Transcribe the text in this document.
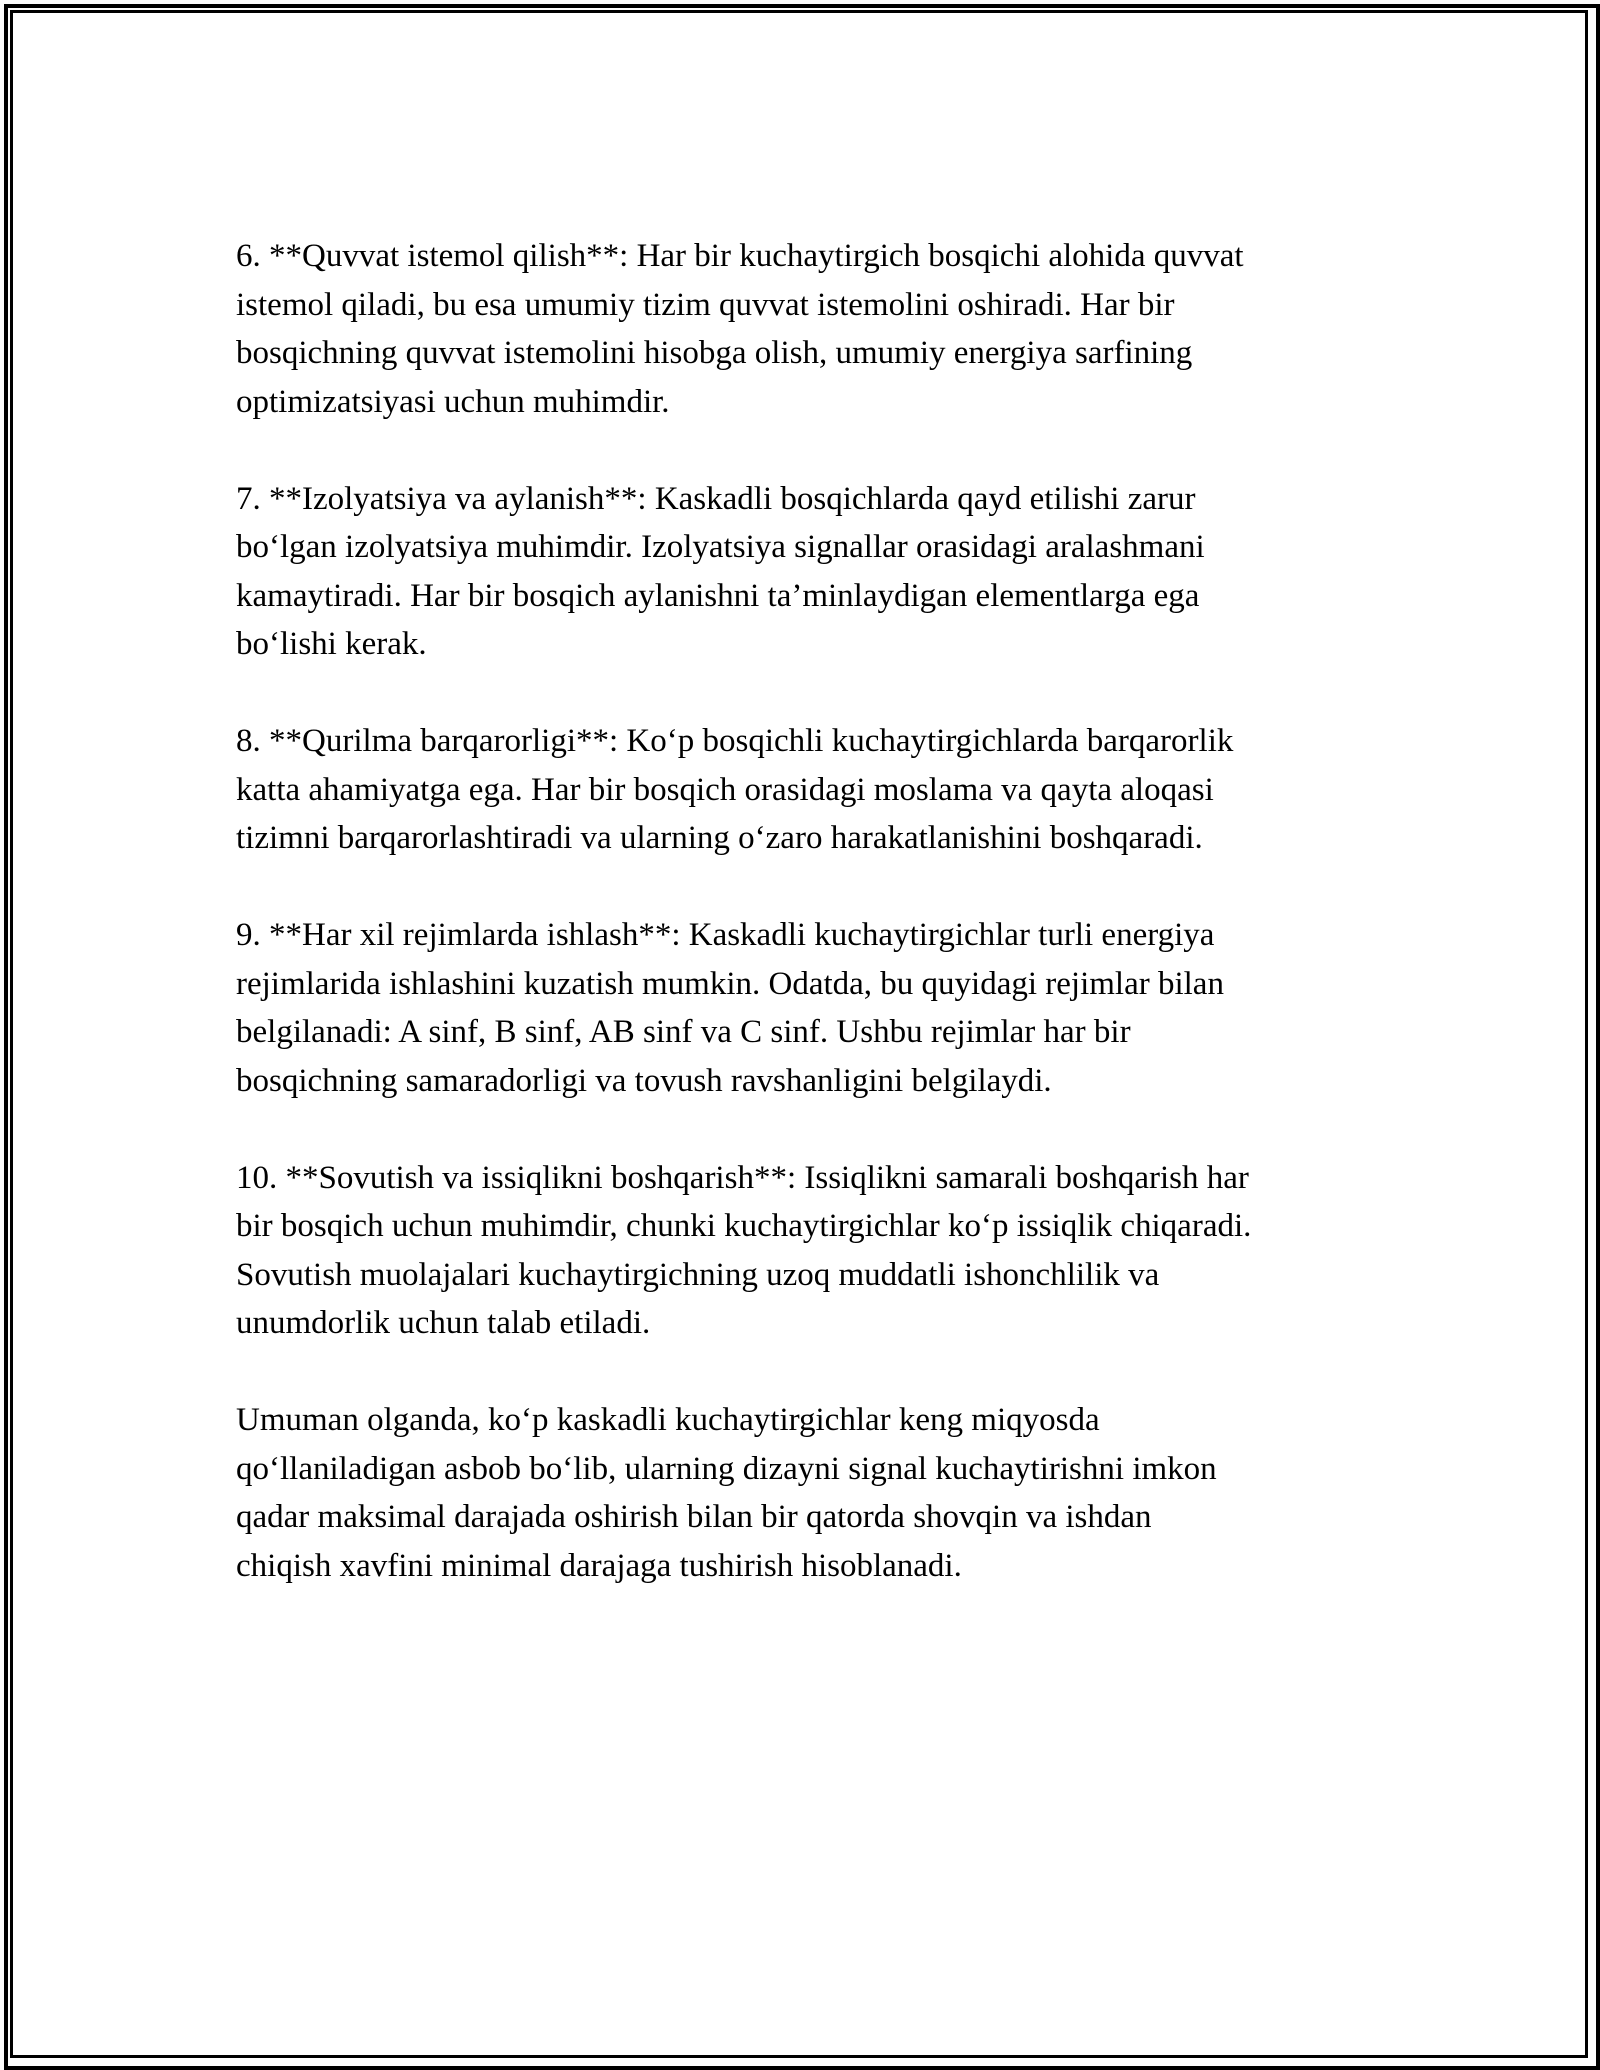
6. **Quvvat istemol qilish**: Har bir kuchaytirgich bosqichi alohida quvvat
istemol qiladi, bu esa umumiy tizim quvvat istemolini oshiradi. Har bir
bosqichning quvvat istemolini hisobga olish, umumiy energiya sarfining
optimizatsiyasi uchun muhimdir.

7. **Izolyatsiya va aylanish**: Kaskadli bosqichlarda qayd etilishi zarur
bo‘lgan izolyatsiya muhimdir. Izolyatsiya signallar orasidagi aralashmani
kamaytiradi. Har bir bosqich aylanishni ta’minlaydigan elementlarga ega
bo‘lishi kerak.

8. **Qurilma barqarorligi**: Ko‘p bosqichli kuchaytirgichlarda barqarorlik
katta ahamiyatga ega. Har bir bosqich orasidagi moslama va qayta aloqasi
tizimni barqarorlashtiradi va ularning o‘zaro harakatlanishini boshqaradi.

9. **Har xil rejimlarda ishlash**: Kaskadli kuchaytirgichlar turli energiya
rejimlarida ishlashini kuzatish mumkin. Odatda, bu quyidagi rejimlar bilan
belgilanadi: A sinf, B sinf, AB sinf va C sinf. Ushbu rejimlar har bir
bosqichning samaradorligi va tovush ravshanligini belgilaydi.

10. **Sovutish va issiqlikni boshqarish**: Issiqlikni samarali boshqarish har
bir bosqich uchun muhimdir, chunki kuchaytirgichlar ko‘p issiqlik chiqaradi.
Sovutish muolajalari kuchaytirgichning uzoq muddatli ishonchlilik va
unumdorlik uchun talab etiladi.

Umuman olganda, ko‘p kaskadli kuchaytirgichlar keng miqyosda
qo‘llaniladigan asbob bo‘lib, ularning dizayni signal kuchaytirishni imkon
qadar maksimal darajada oshirish bilan bir qatorda shovqin va ishdan
chiqish xavfini minimal darajaga tushirish hisoblanadi.
